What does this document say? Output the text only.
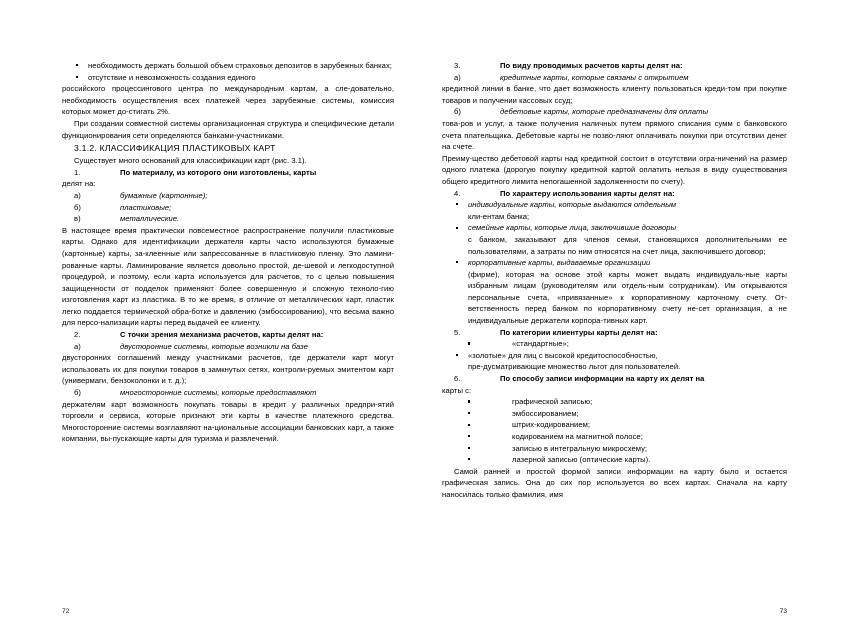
необходимость держать большой объем страховых депозитов в зарубежных банках;

отсутствие и невозможность создания единого

российского процессингового центра по международным картам, а сле-довательно, необходимость осуществления всех платежей через зарубежные системы, комиссия которых может до-стигать 2%.

При создании совместной системы организационная структура и специфические детали функционирования сети определяются банками-участниками.

3.1.2. КЛАССИФИКАЦИЯ ПЛАСТИКОВЫХ КАРТ

Существует много оснований для классификации карт (рис. 3.1).

1.	По материалу, из которого они изготовлены, карты

делят на:

а)	бумажные (картонные);

б)	пластиковые;

в)	металлические.

В настоящее время практически повсеместное распространение получили пластиковые карты. Однако для идентификации держателя карты часто используются бумажные (картонные) карты, за-клеенные или запрессованные в пластиковую пленку. Это ламини-рованные карты. Ламинирование является довольно простой, де-шевой и легкодоступной процедурой, и поэтому, если карта используется для расчетов, то с целью повышения защищенности от подделок применяют более совершенную и сложную техноло-гию изготовления карт из пластика. В то же время, в отличие от металлических карт, пластик легко поддается термической обра-ботке и давлению (эмбоссированию), что весьма важно для персо-нализации карты перед выдачей ее клиенту.

2.	С точки зрения механизма расчетов, карты делят на:

а)	двусторонние системы, которые возникли на базе

двусторонних соглашений между участниками расчетов, где держатели карт могут использовать их для покупки товаров в замкнутых сетях, контроли-руемых эмитентом карт (универмаги, бензоколонки и т. д.);

б)	многосторонние системы, которые предоставляют

держателям карт возможность покупать товары в кредит у различных предпри-ятий торговли и сервиса, которые признают эти карты в качестве платежного средства. Многосторонние системы возглавляют на-циональные ассоциации банковских карт, а также компании, вы-пускающие карты для туризма и развлечений.

72

3.	По виду проводимых расчетов карты делят на:

а)	кредитные карты, которые связаны с открытием

кредитной линии в банке, что дает возможность клиенту пользоваться креди-том при покупке товаров и получении кассовых ссуд;

б)	дебетовые карты, которые предназначены для оплаты

това-ров и услуг, а также получения наличных путем прямого списания сумм с банковского счета плательщика. Дебетовые карты не позво-ляют оплачивать покупки при отсутствии денег на счете.

Преиму-щество дебетовой карты над кредитной состоит в отсутствии огра-ничений на размер одного платежа (дорогую покупку кредитной картой оплатить нельзя в виду существования общего кредитного лимита непогашенной задолженности по счету).

4.	По характеру использования карты делят на:

индивидуальные карты, которые выдаются отдельным

кли-ентам банка;

семейные карты, которые лица, заключившие договоры

с банком, заказывают для членов семьи, становящихся дополнительными ее пользователями, а затраты по ним относятся на счет лица, заключившего договор;

корпоративные карты, выдаваемые организации

(фирме), которая на основе этой карты может выдать индивидуаль-ные карты избранным лицам (руководителям или отдель-ным сотрудникам). Им открываются персональные счета, «привязанные» к корпоративному карточному счету. От-ветственность перед банком по корпоративному счету не-сет организация, а не индивидуальные держатели корпора-тивных карт.

5.	По категории клиентуры карты делят на:

«стандартные»;

«золотые» для лиц с высокой кредитоспособностью,

пре-дусматривающие множество льгот для пользователей.

6.	По способу записи информации на карту их делят на

карты с:

графической записью;

эмбоссированием;

штрих-кодированием;

кодированием на магнитной полосе;

записью в интегральную микросхему;

лазерной записью (оптические карты).

Самой ранней и простой формой записи информации на карту было и остается графическая запись. Она до сих пор используется во всех картах. Сначала на карту наносилась только фамилия, имя

73
